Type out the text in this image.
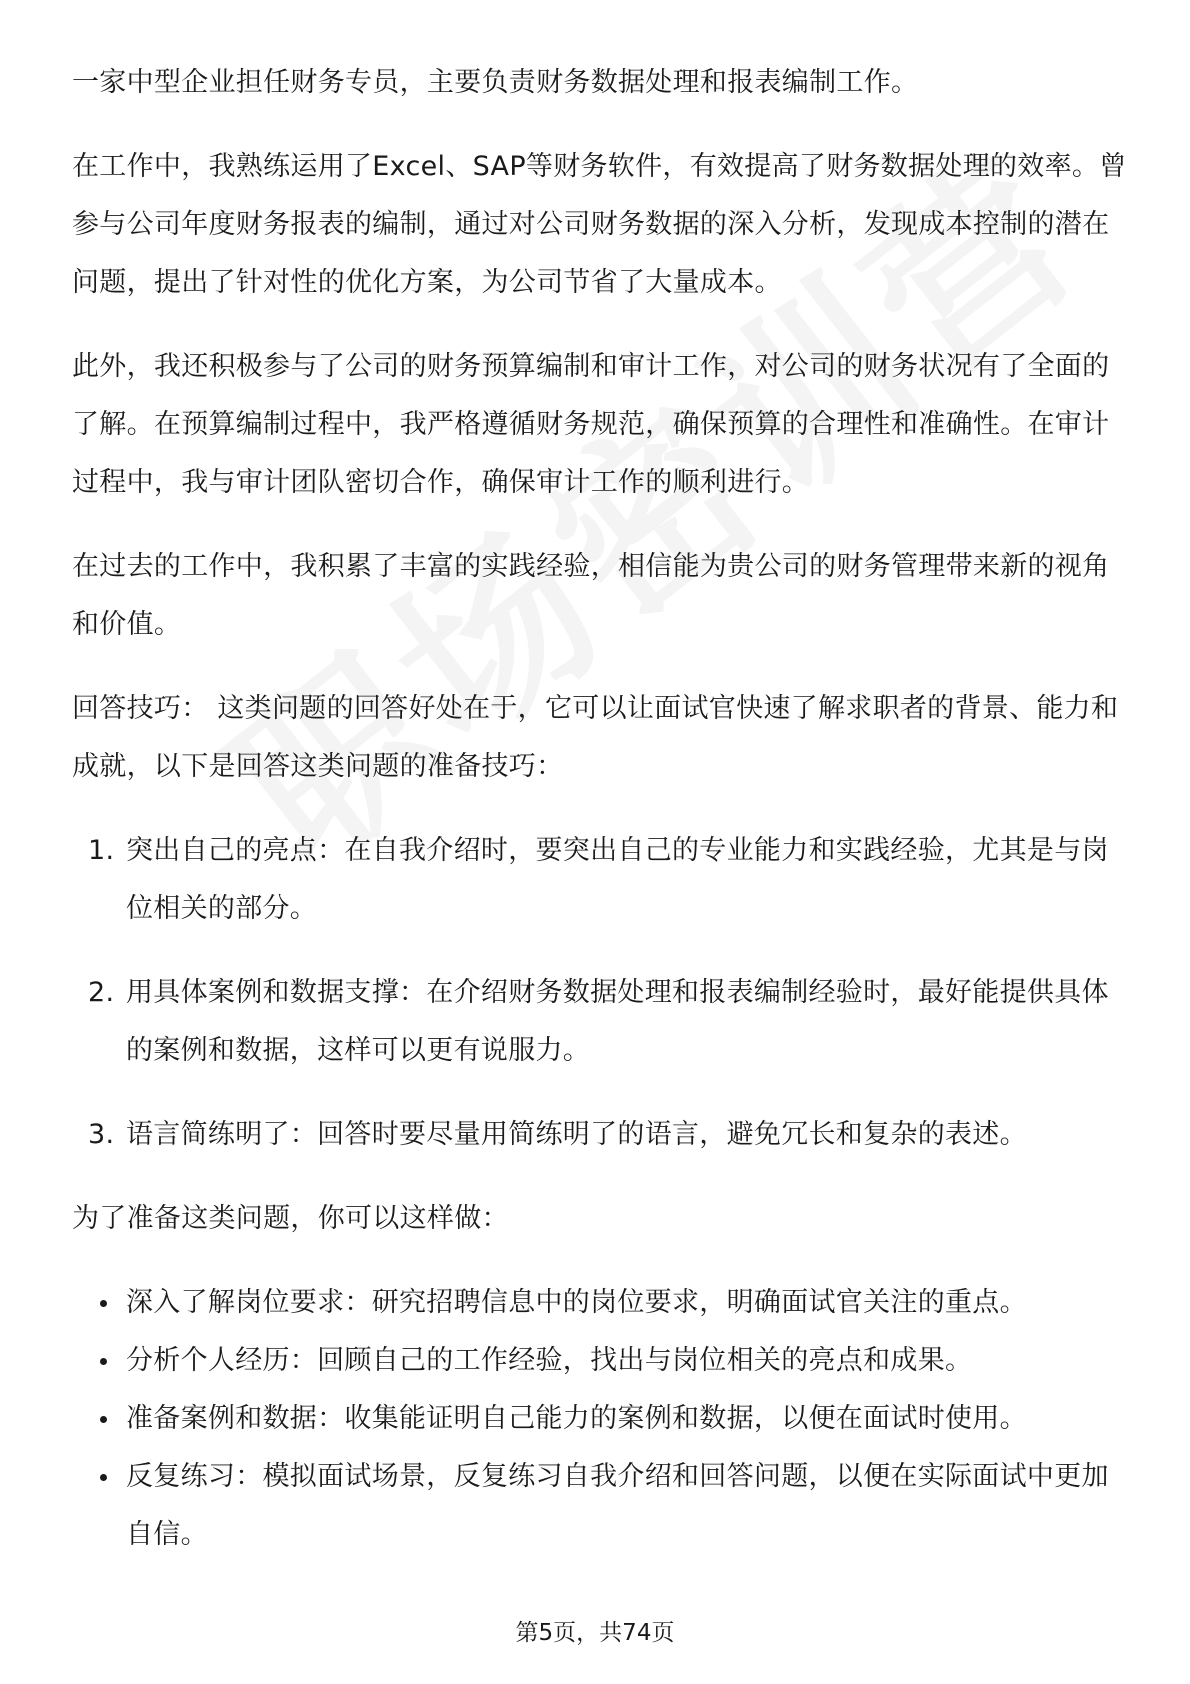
一家中型企业担任财务专员，主要负责财务数据处理和报表编制工作。

在工作中，我熟练运用了Excel、SAP等财务软件，有效提高了财务数据处理的效率。曾参与公司年度财务报表的编制，通过对公司财务数据的深入分析，发现成本控制的潜在问题，提出了针对性的优化方案，为公司节省了大量成本。

此外，我还积极参与了公司的财务预算编制和审计工作，对公司的财务状况有了全面的了解。在预算编制过程中，我严格遵循财务规范，确保预算的合理性和准确性。在审计过程中，我与审计团队密切合作，确保审计工作的顺利进行。

在过去的工作中，我积累了丰富的实践经验，相信能为贵公司的财务管理带来新的视角和价值。

回答技巧： 这类问题的回答好处在于，它可以让面试官快速了解求职者的背景、能力和成就，以下是回答这类问题的准备技巧：

1. 突出自己的亮点：在自我介绍时，要突出自己的专业能力和实践经验，尤其是与岗位相关的部分。
2. 用具体案例和数据支撑：在介绍财务数据处理和报表编制经验时，最好能提供具体的案例和数据，这样可以更有说服力。
3. 语言简练明了：回答时要尽量用简练明了的语言，避免冗长和复杂的表述。

为了准备这类问题，你可以这样做：

深入了解岗位要求：研究招聘信息中的岗位要求，明确面试官关注的重点。
分析个人经历：回顾自己的工作经验，找出与岗位相关的亮点和成果。
准备案例和数据：收集能证明自己能力的案例和数据，以便在面试时使用。
反复练习：模拟面试场景，反复练习自我介绍和回答问题，以便在实际面试中更加自信。
第5页，共74页
